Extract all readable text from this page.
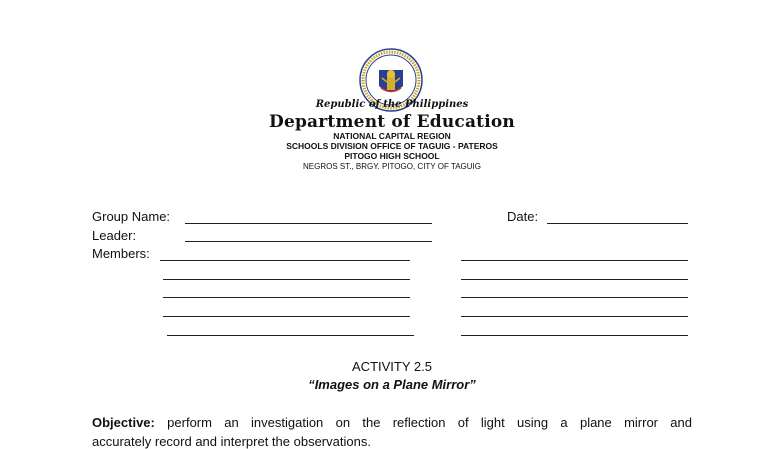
Republic of the Philippines
Department of Education
NATIONAL CAPITAL REGION
SCHOOLS DIVISION OFFICE OF TAGUIG - PATEROS
PITOGO HIGH SCHOOL
NEGROS ST., BRGY. PITOGO, CITY OF TAGUIG
Group Name:	Date:
Leader:
Members:
ACTIVITY 2.5
“Images on a Plane Mirror”
Objective: perform an investigation on the reflection of light using a plane mirror and
accurately record and interpret the observations.
